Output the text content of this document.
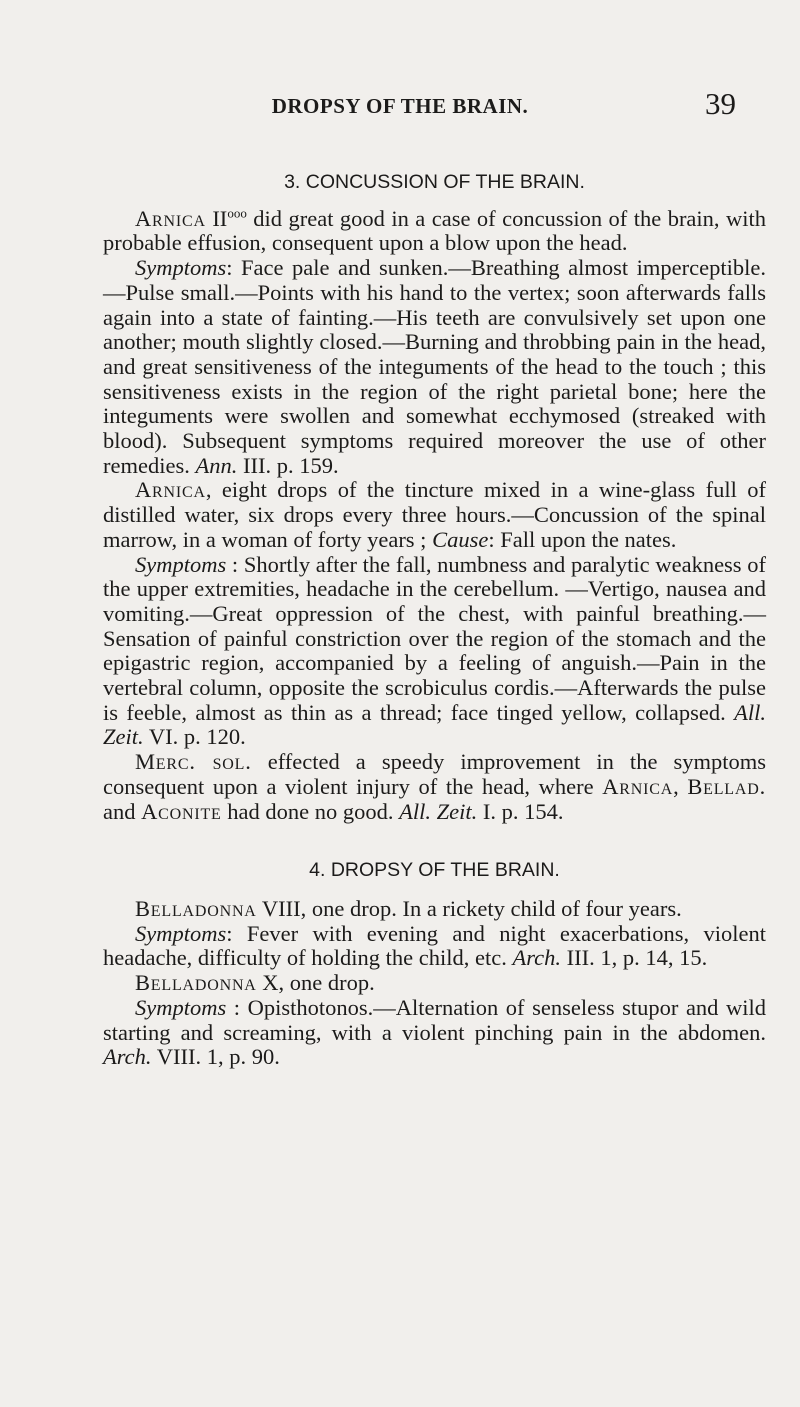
DROPSY OF THE BRAIN.	39
3. CONCUSSION OF THE BRAIN.

Arnica $II^{ooo}$ did great good in a case of concussion of the brain, with probable effusion, consequent upon a blow upon the head.

Symptoms: Face pale and sunken.—Breathing almost imperceptible.—Pulse small.—Points with his hand to the vertex; soon afterwards falls again into a state of fainting.—His teeth are convulsively set upon one another; mouth slightly closed.—Burning and throbbing pain in the head, and great sensitiveness of the integuments of the head to the touch ; this sensitiveness exists in the region of the right parietal bone; here the integuments were swollen and somewhat ecchymosed (streaked with blood). Subsequent symptoms required moreover the use of other remedies. Ann. III. p. 159.

Arnica, eight drops of the tincture mixed in a wine-glass full of distilled water, six drops every three hours.—Concussion of the spinal marrow, in a woman of forty years ; Cause: Fall upon the nates.

Symptoms : Shortly after the fall, numbness and paralytic weakness of the upper extremities, headache in the cerebellum. —Vertigo, nausea and vomiting.—Great oppression of the chest, with painful breathing.—Sensation of painful constriction over the region of the stomach and the epigastric region, accompanied by a feeling of anguish.—Pain in the vertebral column, opposite the scrobiculus cordis.—Afterwards the pulse is feeble, almost as thin as a thread; face tinged yellow, collapsed. All. Zeit. VI. p. 120.

Merc. sol. effected a speedy improvement in the symptoms consequent upon a violent injury of the head, where Arnica, Bellad. and Aconite had done no good. All. Zeit. I. p. 154.

4. DROPSY OF THE BRAIN.

Belladonna VIII, one drop. In a rickety child of four years.

Symptoms: Fever with evening and night exacerbations, violent headache, difficulty of holding the child, etc. Arch. III. 1, p. 14, 15.

Belladonna X, one drop.

Symptoms : Opisthotonos.—Alternation of senseless stupor and wild starting and screaming, with a violent pinching pain in the abdomen. Arch. VIII. 1, p. 90.
